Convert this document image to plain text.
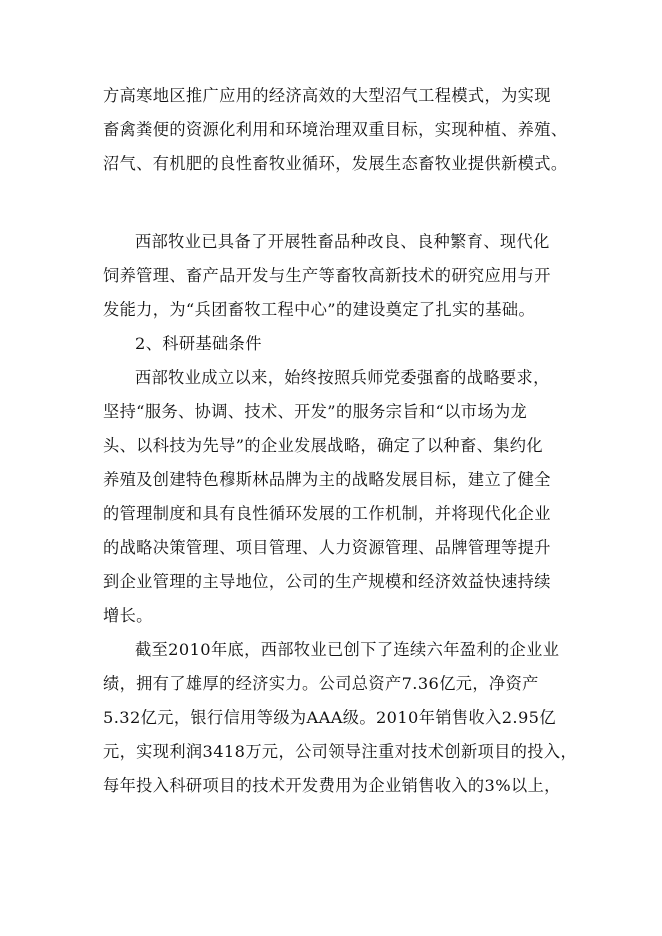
方高寒地区推广应用的经济高效的大型沼气工程模式，为实现
畜禽粪便的资源化利用和环境治理双重目标，实现种植、养殖、
沼气、有机肥的良性畜牧业循环，发展生态畜牧业提供新模式。
西部牧业已具备了开展牲畜品种改良、良种繁育、现代化
饲养管理、畜产品开发与生产等畜牧高新技术的研究应用与开
发能力，为“兵团畜牧工程中心”的建设奠定了扎实的基础。
2、科研基础条件
西部牧业成立以来，始终按照兵师党委强畜的战略要求，
坚持“服务、协调、技术、开发”的服务宗旨和“以市场为龙
头、以科技为先导”的企业发展战略，确定了以种畜、集约化
养殖及创建特色穆斯林品牌为主的战略发展目标，建立了健全
的管理制度和具有良性循环发展的工作机制，并将现代化企业
的战略决策管理、项目管理、人力资源管理、品牌管理等提升
到企业管理的主导地位，公司的生产规模和经济效益快速持续
增长。
截至2010年底，西部牧业已创下了连续六年盈利的企业业
绩，拥有了雄厚的经济实力。公司总资产7.36亿元，净资产
5.32亿元，银行信用等级为AAA级。2010年销售收入2.95亿
元，实现利润3418万元，公司领导注重对技术创新项目的投入，
每年投入科研项目的技术开发费用为企业销售收入的3%以上，
